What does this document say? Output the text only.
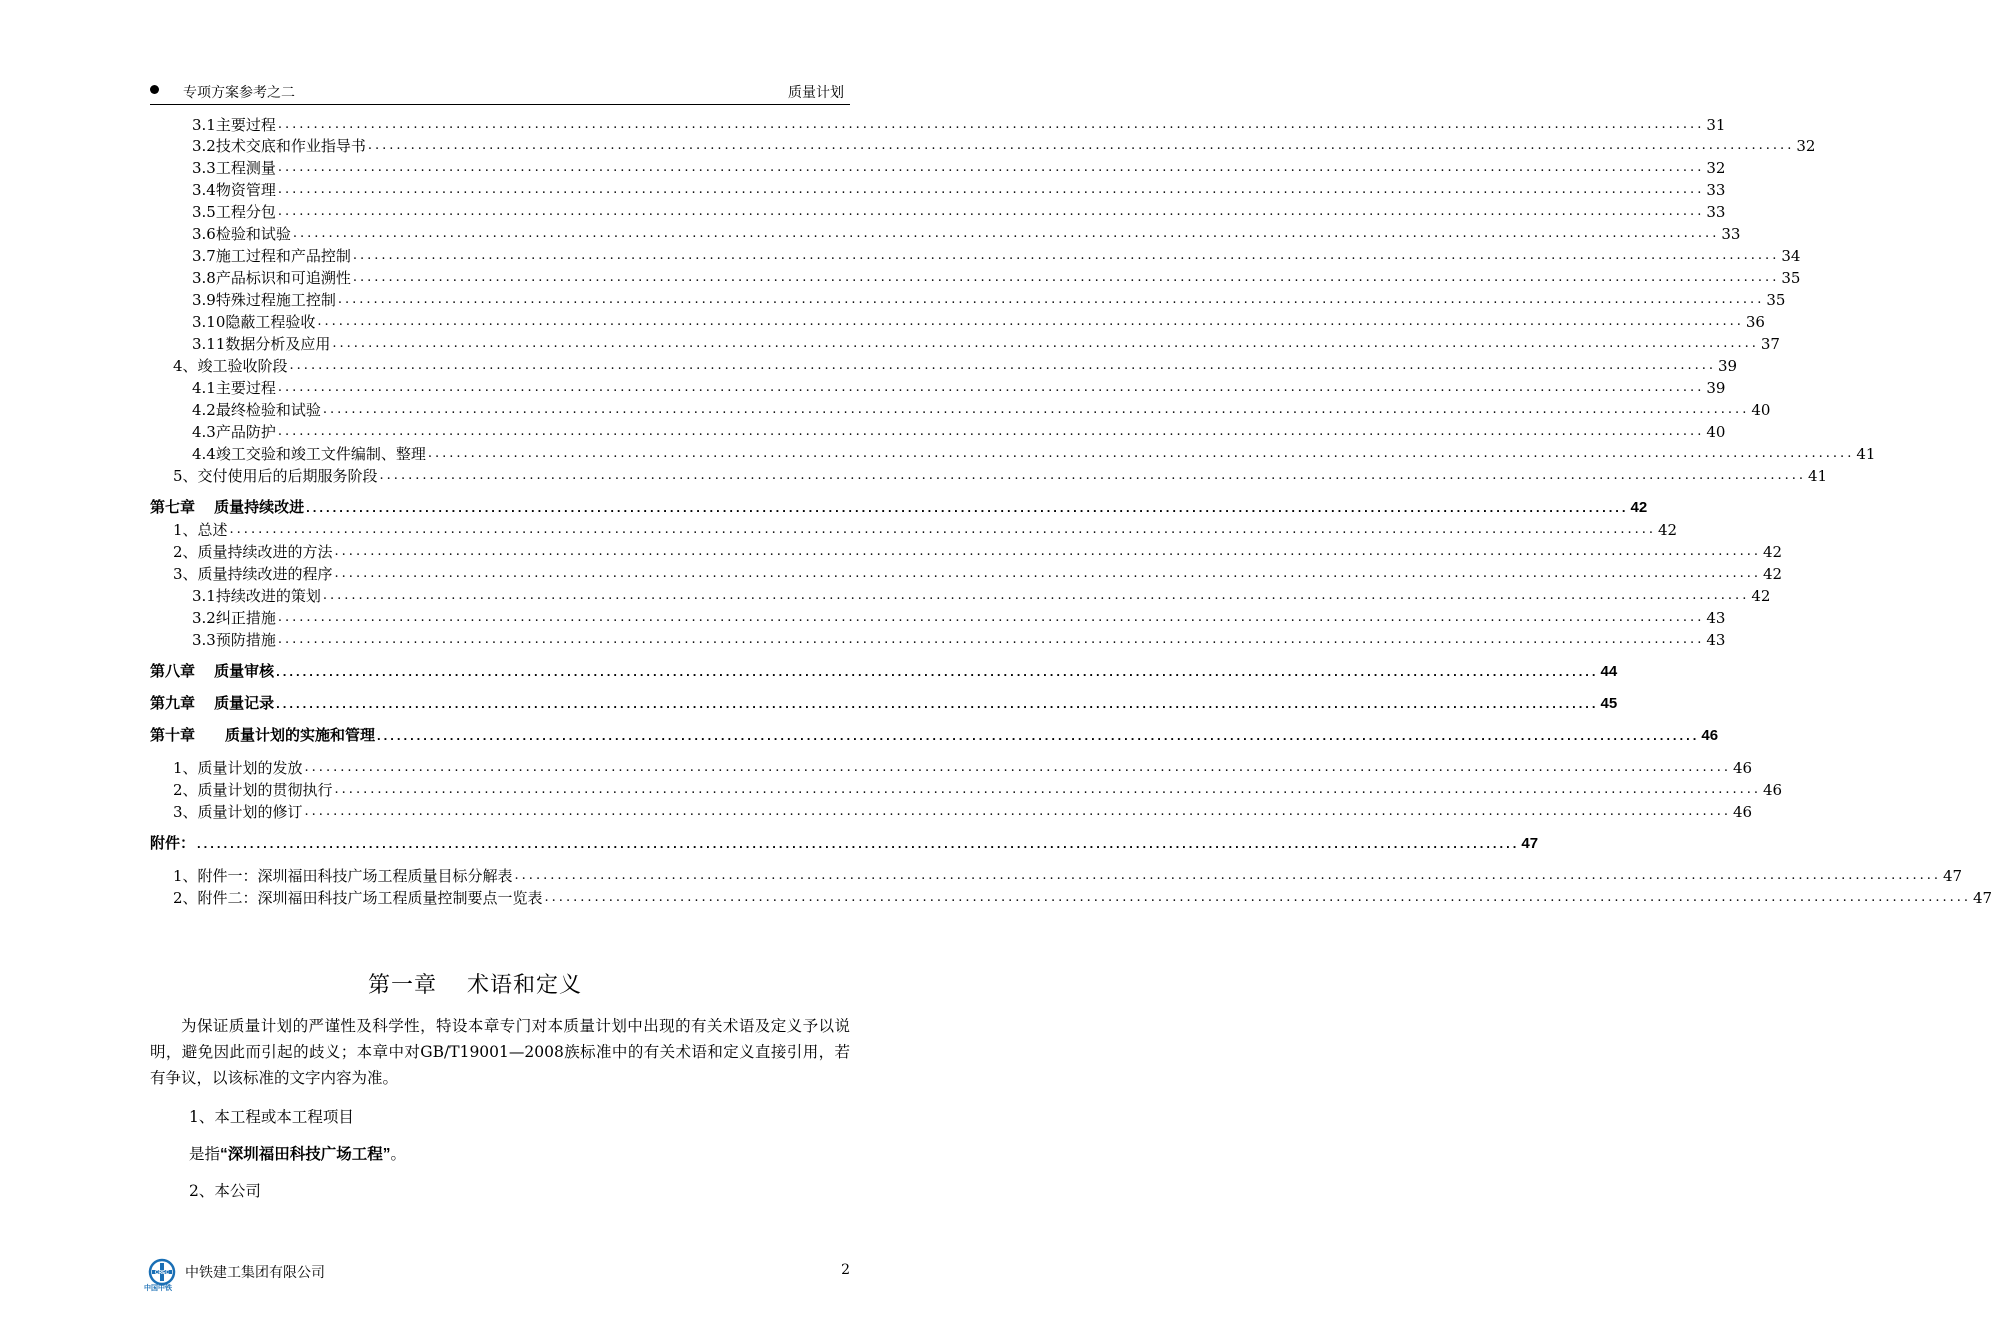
专项方案参考之二	质量计划
3.1主要过程 ........................................................................................................................................................................................................ 31
3.2技术交底和作业指导书 ........................................................................................................................................................................................................ 32
3.3工程测量 ........................................................................................................................................................................................................ 32
3.4物资管理 ........................................................................................................................................................................................................ 33
3.5工程分包 ........................................................................................................................................................................................................ 33
3.6检验和试验 ........................................................................................................................................................................................................ 33
3.7施工过程和产品控制 ........................................................................................................................................................................................................ 34
3.8产品标识和可追溯性 ........................................................................................................................................................................................................ 35
3.9特殊过程施工控制 ........................................................................................................................................................................................................ 35
3.10隐蔽工程验收 ........................................................................................................................................................................................................ 36
3.11数据分析及应用 ........................................................................................................................................................................................................ 37
4、竣工验收阶段 ........................................................................................................................................................................................................ 39
4.1主要过程 ........................................................................................................................................................................................................ 39
4.2最终检验和试验 ........................................................................................................................................................................................................ 40
4.3产品防护 ........................................................................................................................................................................................................ 40
4.4竣工交验和竣工文件编制、整理 ........................................................................................................................................................................................................ 41
5、交付使用后的后期服务阶段 ........................................................................................................................................................................................................ 41
第七章　 质量持续改进 ........................................................................................................................................................................................................ 42
1、总述 ........................................................................................................................................................................................................ 42
2、质量持续改进的方法 ........................................................................................................................................................................................................ 42
3、质量持续改进的程序 ........................................................................................................................................................................................................ 42
3.1持续改进的策划 ........................................................................................................................................................................................................ 42
3.2纠正措施 ........................................................................................................................................................................................................ 43
3.3预防措施 ........................................................................................................................................................................................................ 43
第八章　 质量审核 ........................................................................................................................................................................................................ 44
第九章　 质量记录 ........................................................................................................................................................................................................ 45
第十章　　质量计划的实施和管理 ........................................................................................................................................................................................................ 46
1、质量计划的发放 ........................................................................................................................................................................................................ 46
2、质量计划的贯彻执行 ........................................................................................................................................................................................................ 46
3、质量计划的修订 ........................................................................................................................................................................................................ 46
附件： ........................................................................................................................................................................................................ 47
1、附件一：深圳福田科技广场工程质量目标分解表 ........................................................................................................................................................................................................ 47
2、附件二：深圳福田科技广场工程质量控制要点一览表 ........................................................................................................................................................................................................ 47
第一章　 术语和定义
为保证质量计划的严谨性及科学性，特设本章专门对本质量计划中出现的有关术语及定义予以说明，避免因此而引起的歧义；本章中对GB/T19001—2008族标准中的有关术语和定义直接引用，若有争议，以该标准的文字内容为准。
1、本工程或本工程项目
是指“深圳福田科技广场工程”。
2、本公司
CREC
中国中铁
中铁建工集团有限公司	2
